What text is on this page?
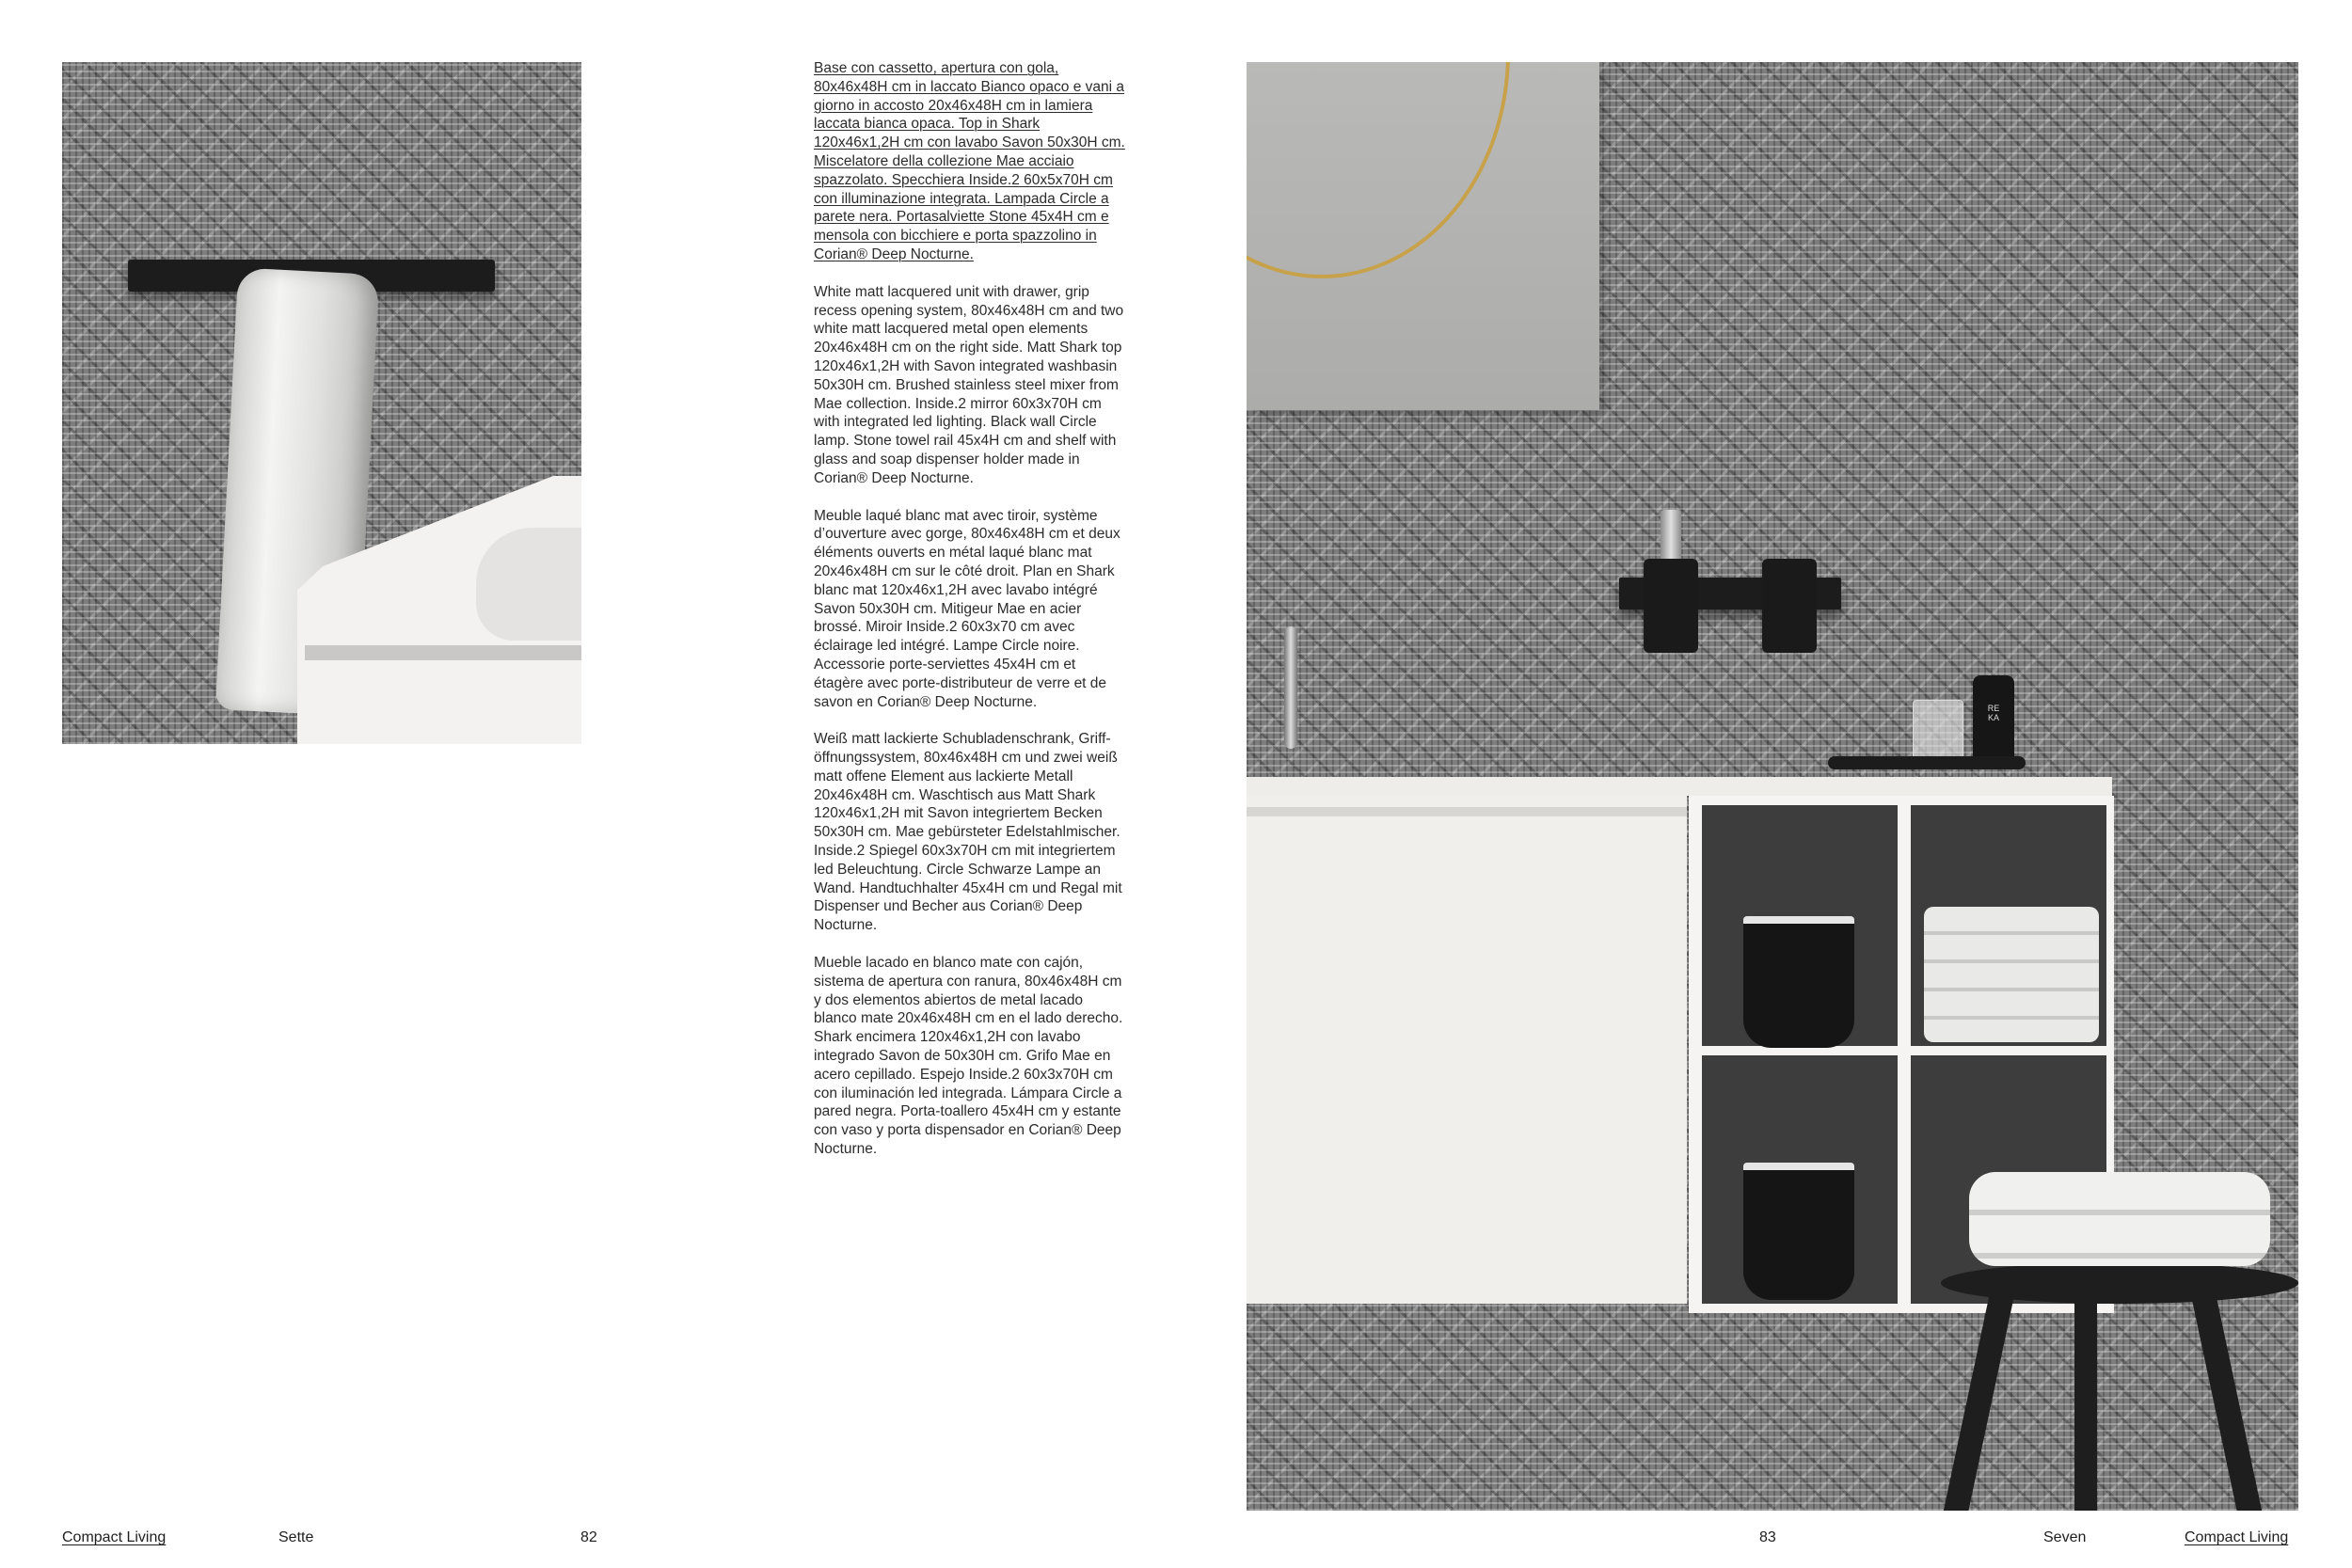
Base con cassetto, apertura con gola, 80x46x48H cm in laccato Bianco opaco e vani a giorno in accosto 20x46x48H cm in lamiera laccata bianca opaca. Top in Shark 120x46x1,2H cm con lavabo Savon 50x30H cm. Miscelatore della collezione Mae acciaio spazzolato. Specchiera Inside.2 60x5x70H cm con illuminazione integrata. Lampada Circle a parete nera. Portasalviette Stone 45x4H cm e mensola con bicchiere e porta spazzolino in Corian® Deep Nocturne.

White matt lacquered unit with drawer, grip recess opening system, 80x46x48H cm and two white matt lacquered metal open elements 20x46x48H cm on the right side. Matt Shark top 120x46x1,2H with Savon integrated washbasin 50x30H cm. Brushed stainless steel mixer from Mae collection. Inside.2 mirror 60x3x70H cm with integrated led lighting. Black wall Circle lamp. Stone towel rail 45x4H cm and shelf with glass and soap dispenser holder made in Corian® Deep Nocturne.

Meuble laqué blanc mat avec tiroir, système d’ouverture avec gorge, 80x46x48H cm et deux éléments ouverts en métal laqué blanc mat 20x46x48H cm sur le côté droit. Plan en Shark blanc mat 120x46x1,2H avec lavabo intégré Savon 50x30H cm. Mitigeur Mae en acier brossé. Miroir Inside.2 60x3x70 cm avec éclairage led intégré. Lampe Circle noire. Accessorie porte-serviettes 45x4H cm et étagère avec porte-distributeur de verre et de savon en Corian® Deep Nocturne.

Weiß matt lackierte Schubladenschrank, Griff-öffnungssystem, 80x46x48H cm und zwei weiß matt offene Element aus lackierte Metall 20x46x48H cm. Waschtisch aus Matt Shark 120x46x1,2H mit Savon integriertem Becken 50x30H cm. Mae gebürsteter Edelstahlmischer. Inside.2 Spiegel 60x3x70H cm mit integriertem led Beleuchtung. Circle Schwarze Lampe an Wand. Handtuchhalter 45x4H cm und Regal mit Dispenser und Becher aus Corian® Deep Nocturne.

Mueble lacado en blanco mate con cajón, sistema de apertura con ranura, 80x46x48H cm y dos elementos abiertos de metal lacado blanco mate 20x46x48H cm en el lado derecho. Shark encimera 120x46x1,2H con lavabo integrado Savon de 50x30H cm. Grifo Mae en acero cepillado. Espejo Inside.2 60x3x70H cm con iluminación led integrada. Lámpara Circle a pared negra. Porta-toallero 45x4H cm y estante con vaso y porta dispensador en Corian® Deep Nocturne.

RE KA
Compact Living	Sette	82	83	Seven	Compact Living
